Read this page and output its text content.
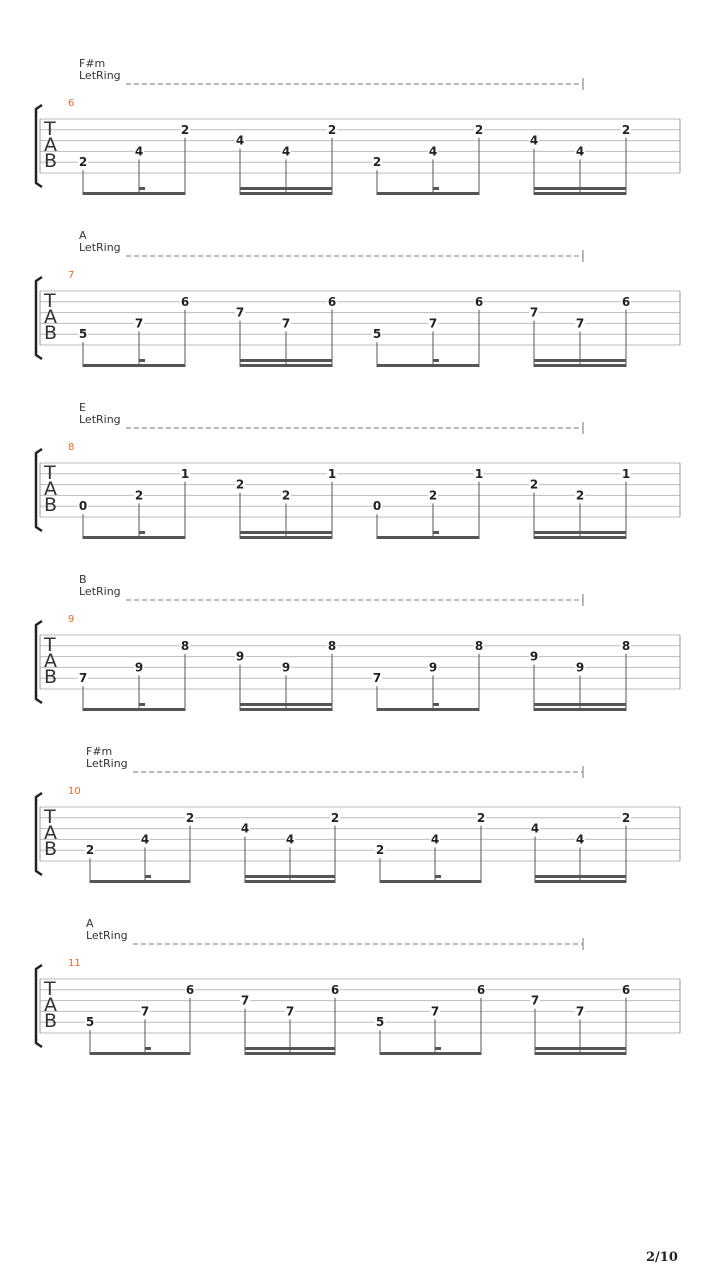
F#m
LetRing
6
T
A
B 2
4
2
4
4
2
2
4
2
4
4
2
A
LetRing
7
T
A
B 5
7
6
7
7
6
5
7
6
7
7
6
E
LetRing
8
T
A
B 0
2
1
2
2
1
0
2
1
2
2
1
B
LetRing
9
T
A
B 7
9
8
9
9
8
7
9
8
9
9
8
F#m
LetRing
10
T
A
B 2
4
2
4
4
2
2
4
2
4
4
2
A
LetRing
11
T
A
B 5
7
6
7
7
6
5
7
6
7
7
6
2/10
